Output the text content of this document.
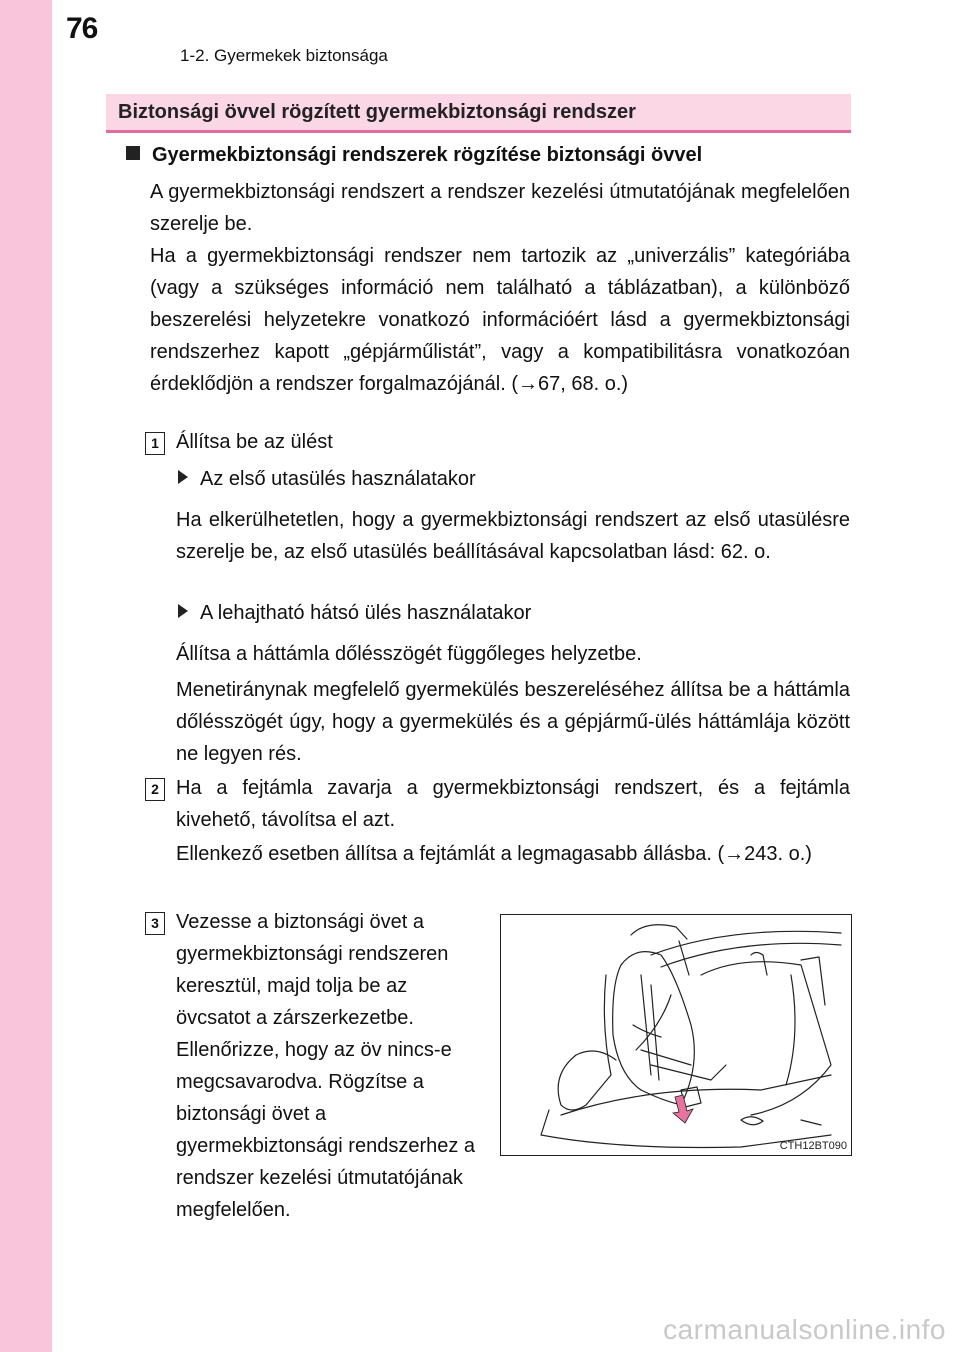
76
1-2. Gyermekek biztonsága
Biztonsági övvel rögzített gyermekbiztonsági rendszer
Gyermekbiztonsági rendszerek rögzítése biztonsági övvel
A gyermekbiztonsági rendszert a rendszer kezelési útmutatójának megfelelően szerelje be.
Ha a gyermekbiztonsági rendszer nem tartozik az „univerzális” kategóriába (vagy a szükséges információ nem található a táblázatban), a különböző beszerelési helyzetekre vonatkozó információért lásd a gyermekbiztonsági rendszerhez kapott „gépjárműlistát”, vagy a kompatibilitásra vonatkozóan érdeklődjön a rendszer forgalmazójánál. (→67, 68. o.)
1 Állítsa be az ülést
Az első utasülés használatakor
Ha elkerülhetetlen, hogy a gyermekbiztonsági rendszert az első utasülésre szerelje be, az első utasülés beállításával kapcsolatban lásd: 62. o.
A lehajtható hátsó ülés használatakor
Állítsa a háttámla dőlésszögét függőleges helyzetbe.
Menetiránynak megfelelő gyermekülés beszereléséhez állítsa be a háttámla dőlésszögét úgy, hogy a gyermekülés és a gépjármű-ülés háttámlája között ne legyen rés.
2 Ha a fejtámla zavarja a gyermekbiztonsági rendszert, és a fejtámla kivehető, távolítsa el azt.
Ellenkező esetben állítsa a fejtámlát a legmagasabb állásba. (→243. o.)
3 Vezesse a biztonsági övet a gyermekbiztonsági rendszeren keresztül, majd tolja be az övcsatot a zárszerkezetbe. Ellenőrizze, hogy az öv nincs-e megcsavarodva. Rögzítse a biztonsági övet a gyermekbiztonsági rendszerhez a rendszer kezelési útmutatójának megfelelően.
CTH12BT090
carmanualsonline.info
